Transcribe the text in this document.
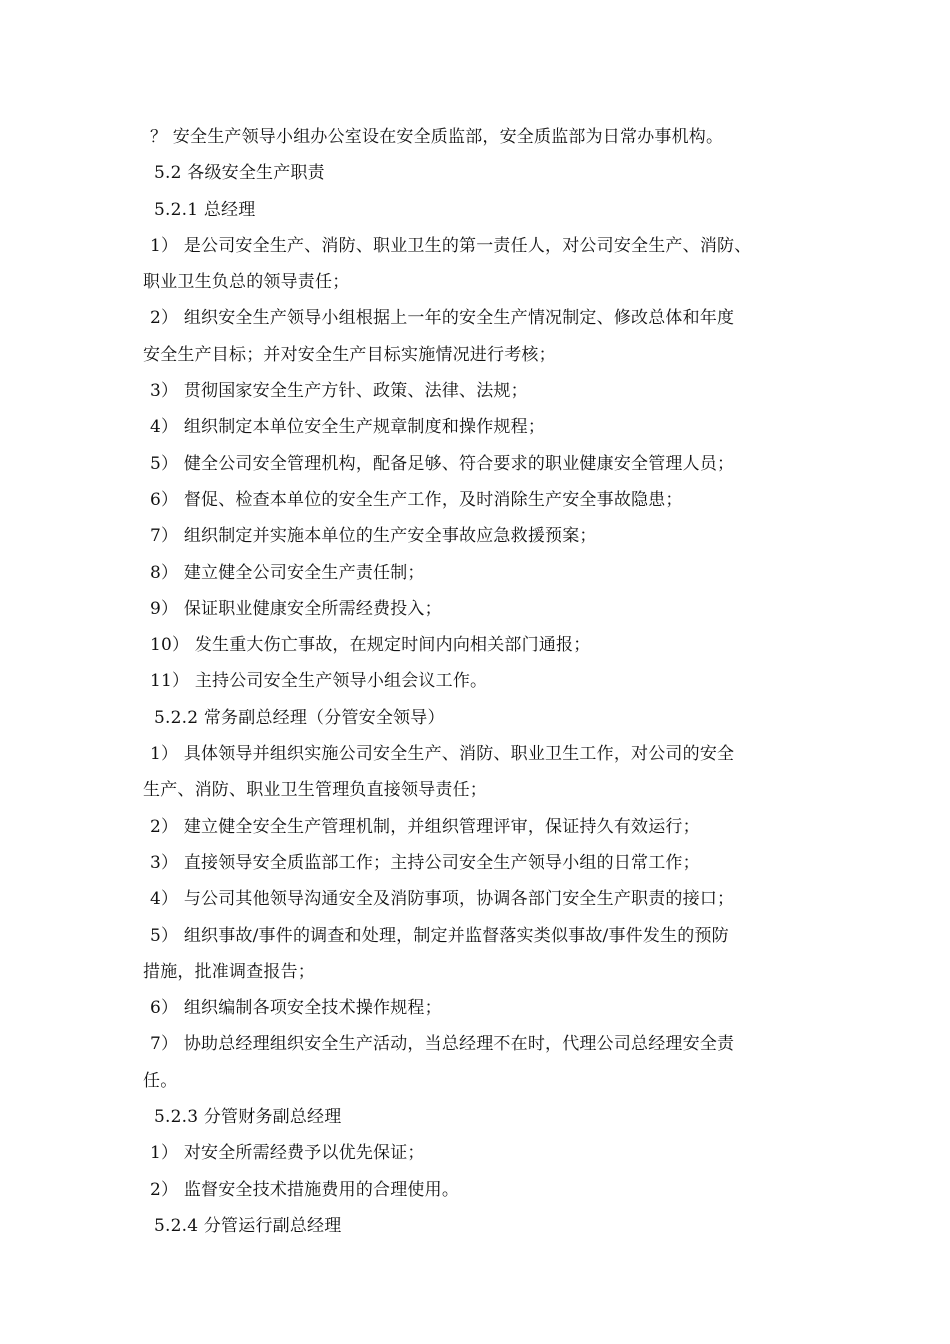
？ 安全生产领导小组办公室设在安全质监部，安全质监部为日常办事机构。
5.2 各级安全生产职责
5.2.1 总经理
1） 是公司安全生产、消防、职业卫生的第一责任人，对公司安全生产、消防、
职业卫生负总的领导责任；
2） 组织安全生产领导小组根据上一年的安全生产情况制定、修改总体和年度
安全生产目标；并对安全生产目标实施情况进行考核；
3） 贯彻国家安全生产方针、政策、法律、法规；
4） 组织制定本单位安全生产规章制度和操作规程；
5） 健全公司安全管理机构，配备足够、符合要求的职业健康安全管理人员；
6） 督促、检查本单位的安全生产工作，及时消除生产安全事故隐患；
7） 组织制定并实施本单位的生产安全事故应急救援预案；
8） 建立健全公司安全生产责任制；
9） 保证职业健康安全所需经费投入；
10） 发生重大伤亡事故，在规定时间内向相关部门通报；
11） 主持公司安全生产领导小组会议工作。
5.2.2 常务副总经理（分管安全领导）
1） 具体领导并组织实施公司安全生产、消防、职业卫生工作，对公司的安全
生产、消防、职业卫生管理负直接领导责任；
2） 建立健全安全生产管理机制，并组织管理评审，保证持久有效运行；
3） 直接领导安全质监部工作；主持公司安全生产领导小组的日常工作；
4） 与公司其他领导沟通安全及消防事项，协调各部门安全生产职责的接口；
5） 组织事故/事件的调查和处理，制定并监督落实类似事故/事件发生的预防
措施，批准调查报告；
6） 组织编制各项安全技术操作规程；
7） 协助总经理组织安全生产活动，当总经理不在时，代理公司总经理安全责
任。
5.2.3 分管财务副总经理
1） 对安全所需经费予以优先保证；
2） 监督安全技术措施费用的合理使用。
5.2.4 分管运行副总经理
